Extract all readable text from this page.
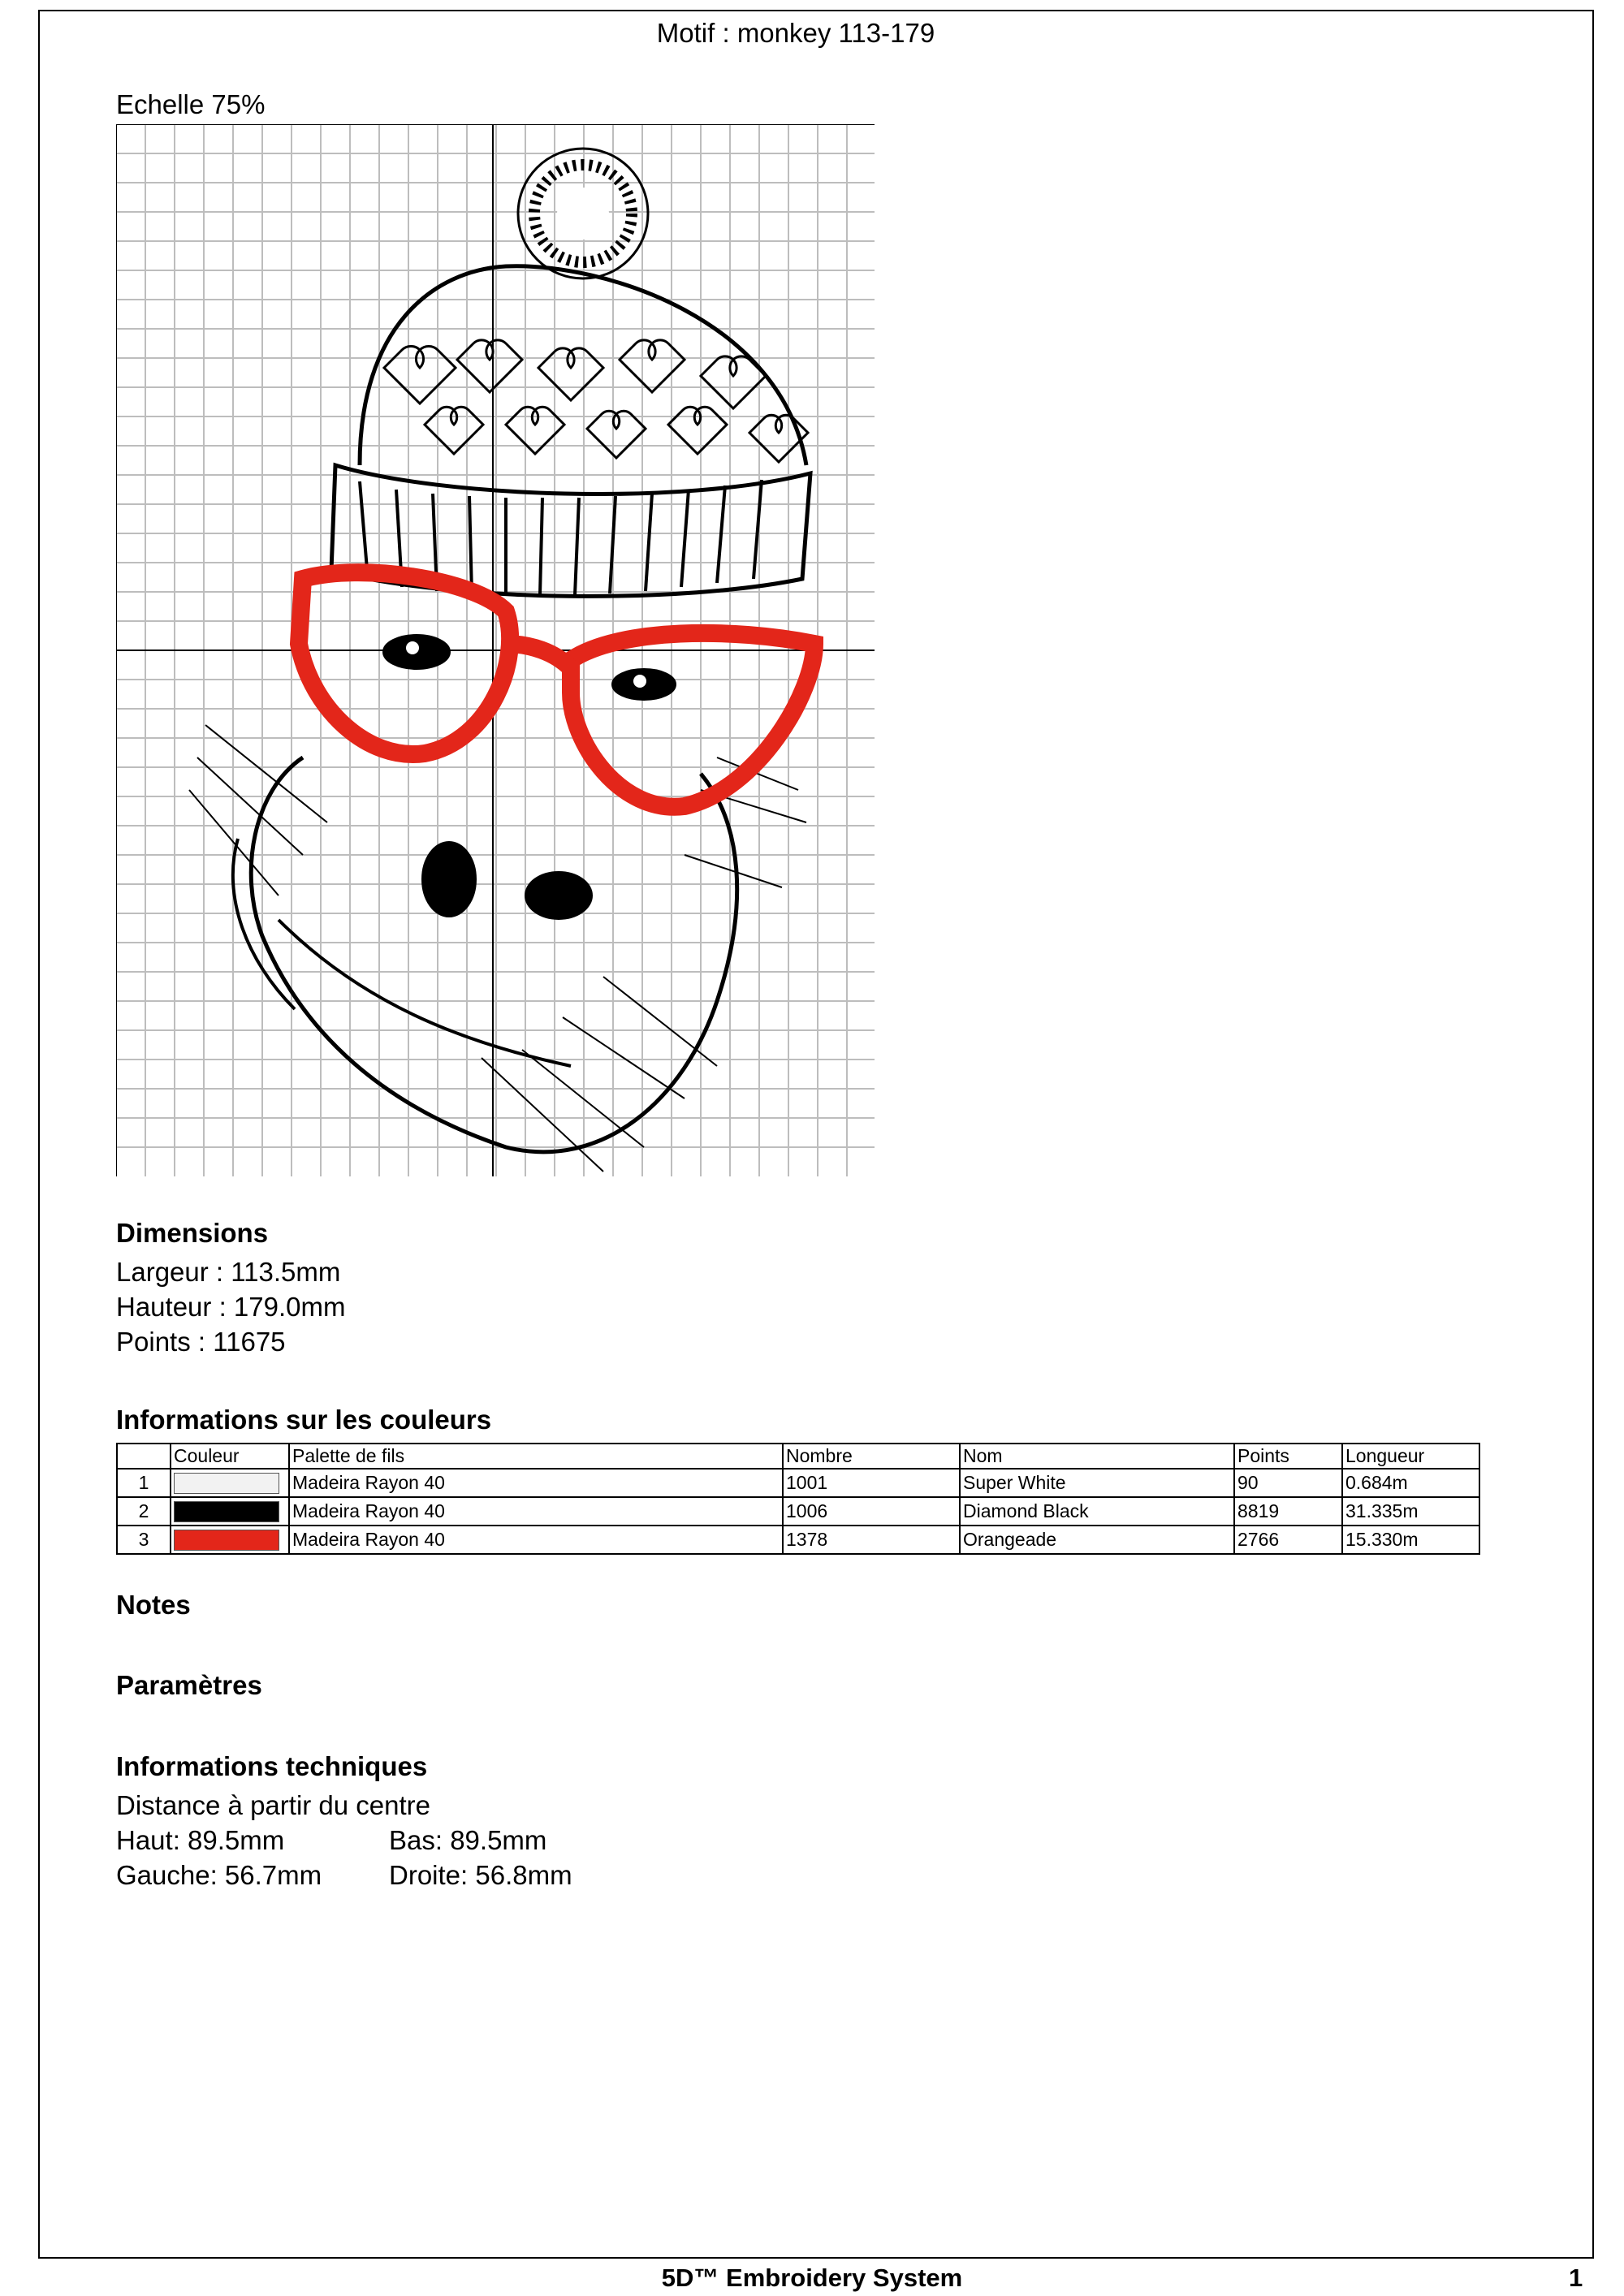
Motif : monkey 113-179
Echelle 75%
Dimensions
Largeur : 113.5mm
Hauteur : 179.0mm
Points : 11675
Informations sur les couleurs
	Couleur	Palette de fils	Nombre	Nom	Points	Longueur
1		Madeira Rayon 40	1001	Super White	90	0.684m
2		Madeira Rayon 40	1006	Diamond Black	8819	31.335m
3		Madeira Rayon 40	1378	Orangeade	2766	15.330m
Notes
Paramètres
Informations techniques
Distance à partir du centre
Haut: 89.5mm	Bas: 89.5mm
Gauche: 56.7mm	Droite: 56.8mm
5D™ Embroidery System	1
